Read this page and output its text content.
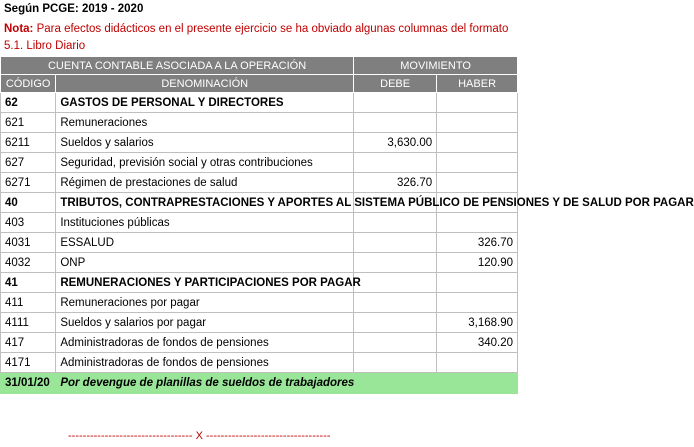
Según PCGE: 2019 - 2020
Nota: Para efectos didácticos en el presente ejercicio se ha obviado algunas columnas del formato 5.1. Libro Diario
CUENTA CONTABLE ASOCIADA A LA OPERACIÓN		MOVIMIENTO	
CÓDIGO	DENOMINACIÓN	DEBE	HABER
62	GASTOS DE PERSONAL Y DIRECTORES		
621	Remuneraciones		
6211	Sueldos y salarios	3,630.00	
627	Seguridad, previsión social y otras contribuciones		
6271	Régimen de prestaciones de salud	326.70	
40	TRIBUTOS, CONTRAPRESTACIONES Y APORTES AL SISTEMA PÚBLICO DE PENSIONES Y DE SALUD POR PAGAR		
403	Instituciones públicas		
4031	ESSALUD		326.70
4032	ONP		120.90
41	REMUNERACIONES Y PARTICIPACIONES POR PAGAR		
411	Remuneraciones por pagar		
4111	Sueldos y salarios por pagar		3,168.90
417	Administradoras de fondos de pensiones		340.20
4171	Administradoras de fondos de pensiones		
31/01/20	Por devengue de planillas de sueldos de trabajadores		
---------------------------------- X ----------------------------------
